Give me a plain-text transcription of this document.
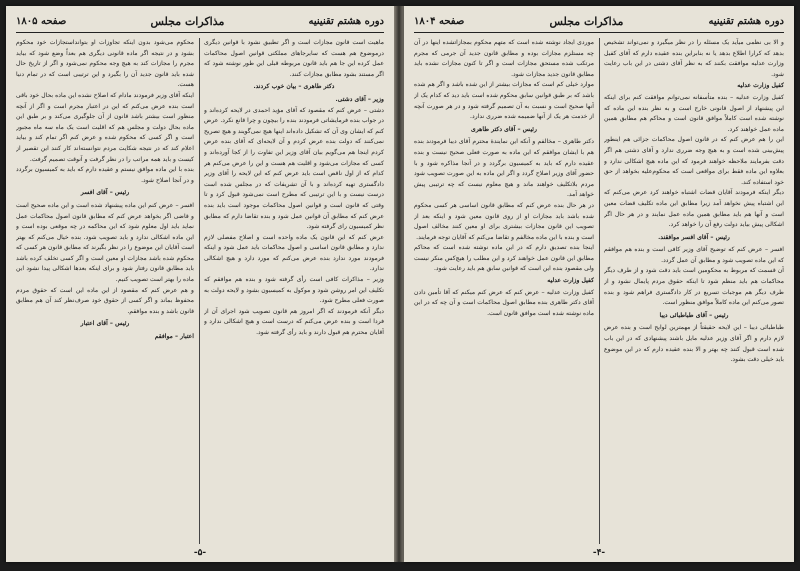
دوره هشتم تقنینیه
مذاکرات مجلس
صفحه ۱۸۰۵

ماهیت است قانون مجازات است و اگر تطبیق نشود با قوانین دیگری درموضوع هم هست که سایرجاهای مملکتی قوانین اصول محاکمات عمل کرده این جا هم باید قانون مربوطه قبلی این طور نوشته شود که اگر مستند بشود مطابق مجازات کنند.

دکتر طاهری – بیان خوب کردند.

وزیر – آقای دشتی.

دشتی – عرض کنم که مقصود که آقای مؤید احمدی در لایحه کرده‌اند و در جواب بنده فرمایشاتی فرمودند بنده را بیچون و چرا قانع نکرد. عرض کنم که ایشان وی آن که تشکیل داده‌اند اینها هیچ نمی‌گویند و هیچ تصریح نمی‌کنند که دولت بنده عرض کردم و آن لایحه‌ای که آقای بنده عرض کردم اینجا هم می‌گویم بیان آقای وزیر این تفاوت را از کجا آورده‌اند و کسی که مجازات می‌شود و اقلیت هم هست و این را عرض می‌کنم هر کدام که از اول ناقص است باید عرض کنم که این لایحه را آقای وزیر دادگستری تهیه کرده‌اند و با آن تشریفات که در مجلس شده است درست نیست و با این ترتیبی که مطرح است نمی‌شود قبول کرد و تا وقتی که قانون است و قوانین اصول محاکمات موجود است باید بنده عرض کنم که مطابق آن قوانین عمل شود و بنده تقاضا دارم که مطابق نظر کمیسیون رای گرفته شود.

عرض کنم که این قانون یک ماده واحده است و اصلاح مفصلی لازم ندارد و مطابق قانون اساسی و اصول محاکمات باید عمل شود و اینکه فرمودند مورد ندارد بنده عرض می‌کنم که مورد دارد و هیچ اشکالی ندارد.

وزیر – مذاکرات کافی است رأی گرفته شود و بنده هم موافقم که تکلیف این امر روشن شود و موکول به کمیسیون بشود و لایحه دولت به صورت فعلی مطرح شود.

دیگر آنکه فرمودند که اگر امروز هم قانون تصویب شود اجرای آن از فردا است و بنده عرض می‌کنم که درست است و هیچ اشکالی ندارد و آقایان محترم هم قبول دارند و باید رأی گرفته شود.

محکوم می‌شود بدون اینکه تجاوزات او بتوانداستجازات خود محکوم بشود و در نتیجه اگر ماده قانونی دیگری هم بعداً وضع شود که بیاید مجرم را مجازات کند به هیچ وجه محکوم نمی‌شود و اگر از تاریخ حال شده باید قانون جدید آن را بگیرد و این ترتیبی است که در تمام دنیا هست.

اینکه آقای وزیر فرمودند مادام که اصلاح نشده این ماده بحال خود باقی است بنده عرض می‌کنم که این در اعتبار مجرم است و اگر از آنچه منظور است بیشتر باشد قانون از آن جلوگیری می‌کند و بر طبق این ماده بحال دولت و مجلس هم که اقلیت است یک ماه سه ماه مجبور است و اگر کسی که محکوم شده و عرض کنم اگر تمام کند و بیاید اعلام کند که در نتیجه شکایت مردم نتوانسته‌اند کار کنند این تقصیر از کیست و باید همه مراتب را در نظر گرفت و آنوقت تصمیم گرفت.

بنده با این ماده موافق نیستم و عقیده دارم که باید به کمیسیون برگردد و در آنجا اصلاح شود.

رئیس – آقای افسر

افسر – عرض کنم این ماده پیشنهاد شده است و این ماده صحیح است و قاضی اگر بخواهد عرض کنم که مطابق قانون اصول محاکمات عمل نماید باید اول معلوم شود که این محاکمه در چه موقعی بوده است و این ماده اشکالی ندارد و باید تصویب شود. بنده خیال می‌کنم که بهتر است آقایان این موضوع را در نظر بگیرند که مطابق قانون هر کسی که محکوم شده باشد مجازات او معین است و اگر کسی تخلف کرده باشد باید مطابق قانون رفتار شود و برای اینکه بعدها اشکالی پیدا نشود این ماده را بهتر است تصویب کنیم.

و هم عرض کنم که مقصود از این ماده این است که حقوق مردم محفوظ بماند و اگر کسی از حقوق خود صرف‌نظر کند آن هم مطابق قانون باشد و بنده موافقم.

رئیس – آقای اعتبار

اعتبار – موافقم

-۵-
دوره هشتم تقنینیه
مذاکرات مجلس
صفحه ۱۸۰۴

و الا بی نظمی میآید یک مسئله را در نظر میگیرد و نمی‌تواند تشخیص بدهد که کرارا اطلاع بدهد یا نه بنابراین بنده عقیده دارم که آقای کفیل وزارت عدلیه موافقت بکنند که به نظر آقای دشتی در این باب رعایت شود.

کفیل وزارت عدلیه

کفیل وزارت عدلیه – بنده متأسفانه نمی‌توانم موافقت کنم برای اینکه این پیشنهاد از اصول قانونی خارج است و به نظر بنده این ماده که نوشته شده است کاملاً موافق قانون است و محاکم هم مطابق همین ماده عمل خواهند کرد.

این را هم عرض کنم که در قانون اصول محاکمات جزائی هم اینطور پیش‌بینی شده است و به هیچ وجه ضرری ندارد و آقای دشتی هم اگر دقت بفرمایند ملاحظه خواهند فرمود که این ماده هیچ اشکالی ندارد و بعلاوه این ماده فقط برای مواقعی است که محکوم‌علیه بخواهد از حق خود استفاده کند.

دیگر اینکه فرمودند آقایان قضات اشتباه خواهند کرد عرض می‌کنم که این اشتباه پیش نخواهد آمد زیرا مطابق این ماده تکلیف قضات معین است و آنها هم باید مطابق همین ماده عمل نمایند و در هر حال اگر اشکالی پیش بیاید دولت رفع آن را خواهد کرد.

رئیس – آقای افسر موافقند.

افسر – عرض کنم که توضیح آقای وزیر کافی است و بنده هم موافقم که این ماده تصویب شود و مطابق آن عمل گردد.

آن قسمت که مربوط به محکومین است باید دقت شود و از طرف دیگر محاکمات هم باید منظم شود تا اینکه حقوق مردم پایمال نشود و از طرف دیگر هم موجبات تسریع در کار دادگستری فراهم شود و بنده تصور می‌کنم این ماده کاملاً موافق منظور است.

رئیس – آقای طباطبائی دیبا

طباطبائی دیبا – این لایحه حقیقتاً از مهمترین لوایح است و بنده عرض لازم دارم و اگر آقای وزیر عدلیه مایل باشند پیشنهادی که در این باب شده است قبول کنند چه بهتر و الا بنده عقیده دارم که در این موضوع باید خیلی دقت بشود.

موردی ایجاد نوشته شده است که متهم محکوم بمجازاتشده اینها در آن چه مستلزم مجازات بوده و مطابق قانون جدید آن جرمی که مجرم مرتکب شده مستحق مجازات است و اگر تا کنون مجازات نشده باید مطابق قانون جدید مجازات شود.

موارد خیلی کم است که مجازات بیشتر از این شده باشد و اگر هم شده باشد که بر طبق قوانین سابق محکوم شده است باید دید که کدام یک از آنها صحیح است و نسبت به آن تصمیم گرفته شود و در هر صورت آنچه از خدمت هر یک از آنها ضمیمه شده ضرری ندارد.

رئیس – آقای دکتر طاهری

دکتر طاهری – مخالفم و آنکه این نمایندهٔ محترم آقای دیبا فرمودند بنده هم با ایشان موافقم که این ماده به صورت فعلی صحیح نیست و بنده عقیده دارم که باید به کمیسیون برگردد و در آنجا مذاکره شود و با حضور آقای وزیر اصلاح گردد و اگر این ماده به این صورت تصویب شود مردم بلاتکلیف خواهند ماند و هیچ معلوم نیست که چه ترتیبی پیش خواهد آمد.

در هر حال بنده عرض کنم که مطابق قانون اساسی هر کسی محکوم شده باشد باید مجازات او از روی قانون معین شود و اینکه بعد از تصویب این قانون مجازات بیشتری برای او معین کنند مخالف اصول است و بنده با این ماده مخالفم و تقاضا می‌کنم که آقایان توجه فرمایند.

اینجا بنده تصدیق دارم که در این ماده نوشته شده است که محاکم مطابق این قانون عمل خواهند کرد و این مطلب را هیچ‌کس منکر نیست ولی مقصود بنده این است که قوانین سابق هم باید رعایت شود.

کفیل وزارت عدلیه

کفیل وزارت عدلیه – عرض کنم که عرض کنم میکنم که آقا تأمین دادن آقای دکتر طاهری بنده مطابق اصول محاکمات است و آن چه که در این ماده نوشته شده است موافق قانون است.

-۴-
